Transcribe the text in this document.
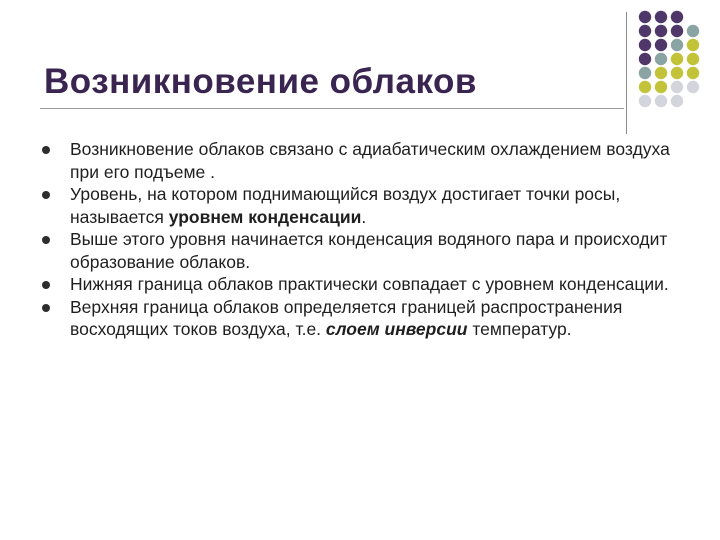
Возникновение облаков
Возникновение облаков связано с адиабатическим охлаждением воздуха при его подъеме .
Уровень, на котором поднимающийся воздух достигает точки росы, называется уровнем конденсации.
Выше этого уровня начинается конденсация водяного пара и происходит образование облаков.
Нижняя граница облаков практически совпадает с уровнем конденсации.
Верхняя граница облаков определяется границей распространения восходящих токов воздуха, т.е. слоем инверсии температур.
